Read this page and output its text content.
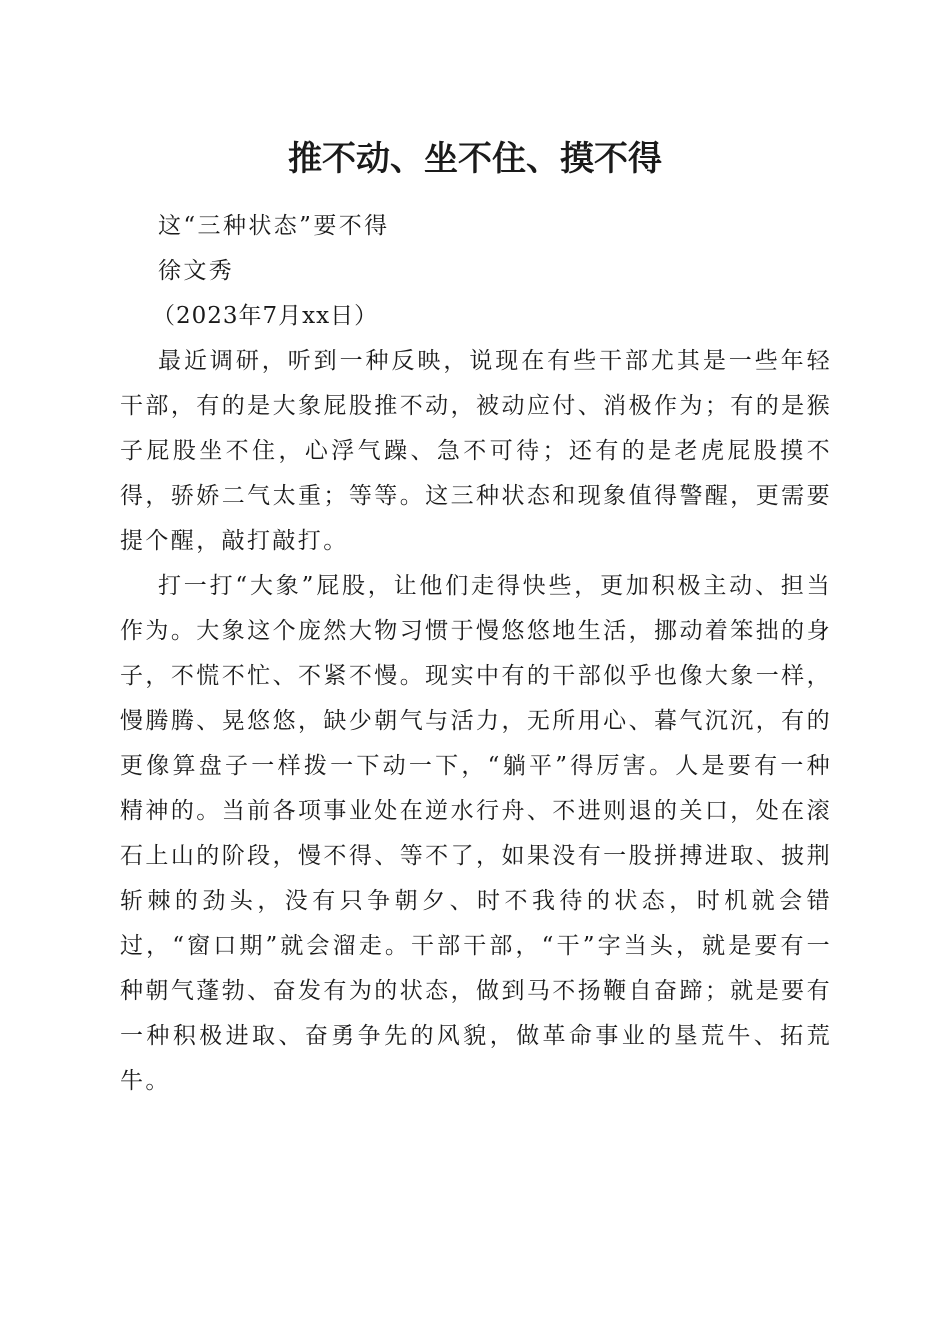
推不动、坐不住、摸不得

这“三种状态”要不得

徐文秀

（2023年7月xx日）

最近调研，听到一种反映，说现在有些干部尤其是一些年轻干部，有的是大象屁股推不动，被动应付、消极作为；有的是猴子屁股坐不住，心浮气躁、急不可待；还有的是老虎屁股摸不得，骄娇二气太重；等等。这三种状态和现象值得警醒，更需要提个醒，敲打敲打。

打一打“大象”屁股，让他们走得快些，更加积极主动、担当作为。大象这个庞然大物习惯于慢悠悠地生活，挪动着笨拙的身子，不慌不忙、不紧不慢。现实中有的干部似乎也像大象一样，慢腾腾、晃悠悠，缺少朝气与活力，无所用心、暮气沉沉，有的更像算盘子一样拨一下动一下，“躺平”得厉害。人是要有一种精神的。当前各项事业处在逆水行舟、不进则退的关口，处在滚石上山的阶段，慢不得、等不了，如果没有一股拼搏进取、披荆斩棘的劲头，没有只争朝夕、时不我待的状态，时机就会错过，“窗口期”就会溜走。干部干部，“干”字当头，就是要有一种朝气蓬勃、奋发有为的状态，做到马不扬鞭自奋蹄；就是要有一种积极进取、奋勇争先的风貌，做革命事业的垦荒牛、拓荒牛。
